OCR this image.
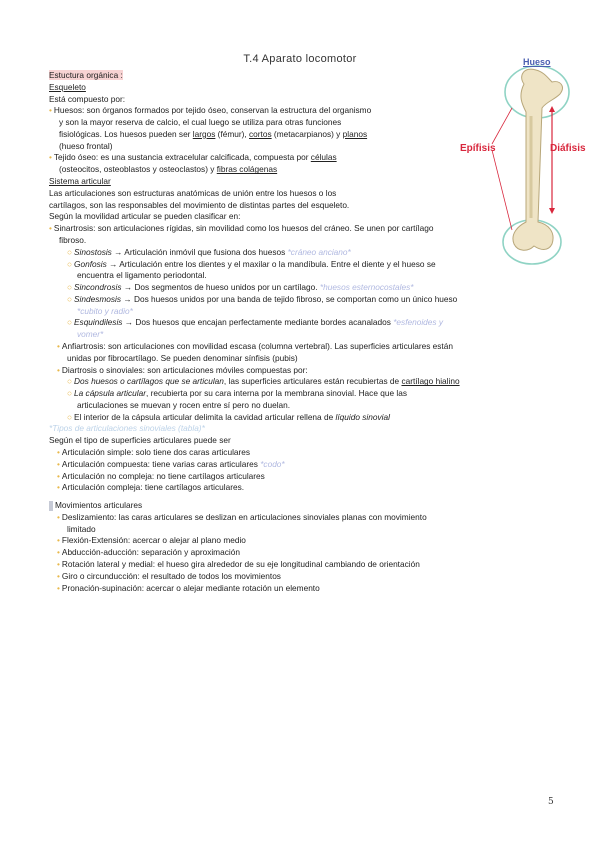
T.4 Aparato locomotor	Hueso
Epífisis	Diáfisis
Estuctura orgánica :
Esqueleto
Está compuesto por:
• Huesos: son órganos formados por tejido óseo, conservan la estructura del organismo
y son la mayor reserva de calcio, el cual luego se utiliza para otras funciones
fisiológicas. Los huesos pueden ser largos (fémur), cortos (metacarpianos) y planos
(hueso frontal)
• Tejido óseo: es una sustancia extracelular calcificada, compuesta por células
(osteocitos, osteoblastos y osteoclastos) y fibras colágenas
Sistema articular
Las articulaciones son estructuras anatómicas de unión entre los huesos o los
cartílagos, son las responsables del movimiento de distintas partes del esqueleto.
Según la movilidad articular se pueden clasificar en:
• Sinartrosis: son articulaciones rígidas, sin movilidad como los huesos del cráneo. Se unen por cartílago
fibroso.
○ Sinostosis → Articulación inmóvil que fusiona dos huesos *cráneo anciano*
○ Gonfosis → Articulación entre los dientes y el maxilar o la mandíbula. Entre el diente y el hueso se
encuentra el ligamento periodontal.
○ Sincondrosis → Dos segmentos de hueso unidos por un cartílago. *huesos esternocostales*
○ Sindesmosis → Dos huesos unidos por una banda de tejido fibroso, se comportan como un único hueso
*cubito y radio*
○ Esquindilesis → Dos huesos que encajan perfectamente mediante bordes acanalados *esfenoides y
vomer*
• Anfiartrosis: son articulaciones con movilidad escasa (columna vertebral). Las superficies articulares están
unidas por fibrocartílago. Se pueden denominar sínfisis (pubis)
• Diartrosis o sinoviales: son articulaciones móviles compuestas por:
○ Dos huesos o cartílagos que se articulan, las superficies articulares están recubiertas de cartílago hialino
○ La cápsula articular, recubierta por su cara interna por la membrana sinovial. Hace que las
articulaciones se muevan y rocen entre sí pero no duelan.
○ El interior de la cápsula articular delimita la cavidad articular rellena de líquido sinovial
*Tipos de articulaciones sinoviales (tabla)*
Según el tipo de superficies articulares puede ser
• Articulación simple: solo tiene dos caras articulares
• Articulación compuesta: tiene varias caras articulares *codo*
• Articulación no compleja: no tiene cartílagos articulares
• Articulación compleja: tiene cartílagos articulares.
Movimientos articulares
• Deslizamiento: las caras articulares se deslizan en articulaciones sinoviales planas con movimiento
limitado
• Flexión-Extensión: acercar o alejar al plano medio
• Abducción-aducción: separación y aproximación
• Rotación lateral y medial: el hueso gira alrededor de su eje longitudinal cambiando de orientación
• Giro o circunducción: el resultado de todos los movimientos
• Pronación-supinación: acercar o alejar mediante rotación un elemento
5
